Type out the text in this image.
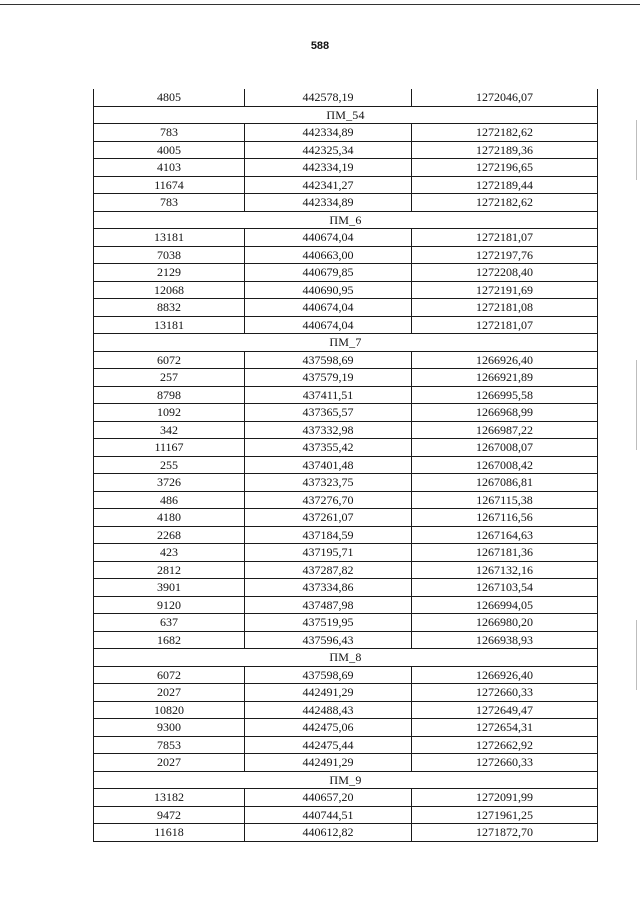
588
4805	442578,19	1272046,07
ПМ_54		
783	442334,89	1272182,62
4005	442325,34	1272189,36
4103	442334,19	1272196,65
11674	442341,27	1272189,44
783	442334,89	1272182,62
ПМ_6		
13181	440674,04	1272181,07
7038	440663,00	1272197,76
2129	440679,85	1272208,40
12068	440690,95	1272191,69
8832	440674,04	1272181,08
13181	440674,04	1272181,07
ПМ_7		
6072	437598,69	1266926,40
257	437579,19	1266921,89
8798	437411,51	1266995,58
1092	437365,57	1266968,99
342	437332,98	1266987,22
11167	437355,42	1267008,07
255	437401,48	1267008,42
3726	437323,75	1267086,81
486	437276,70	1267115,38
4180	437261,07	1267116,56
2268	437184,59	1267164,63
423	437195,71	1267181,36
2812	437287,82	1267132,16
3901	437334,86	1267103,54
9120	437487,98	1266994,05
637	437519,95	1266980,20
1682	437596,43	1266938,93
ПМ_8		
6072	437598,69	1266926,40
2027	442491,29	1272660,33
10820	442488,43	1272649,47
9300	442475,06	1272654,31
7853	442475,44	1272662,92
2027	442491,29	1272660,33
ПМ_9		
13182	440657,20	1272091,99
9472	440744,51	1271961,25
11618	440612,82	1271872,70
